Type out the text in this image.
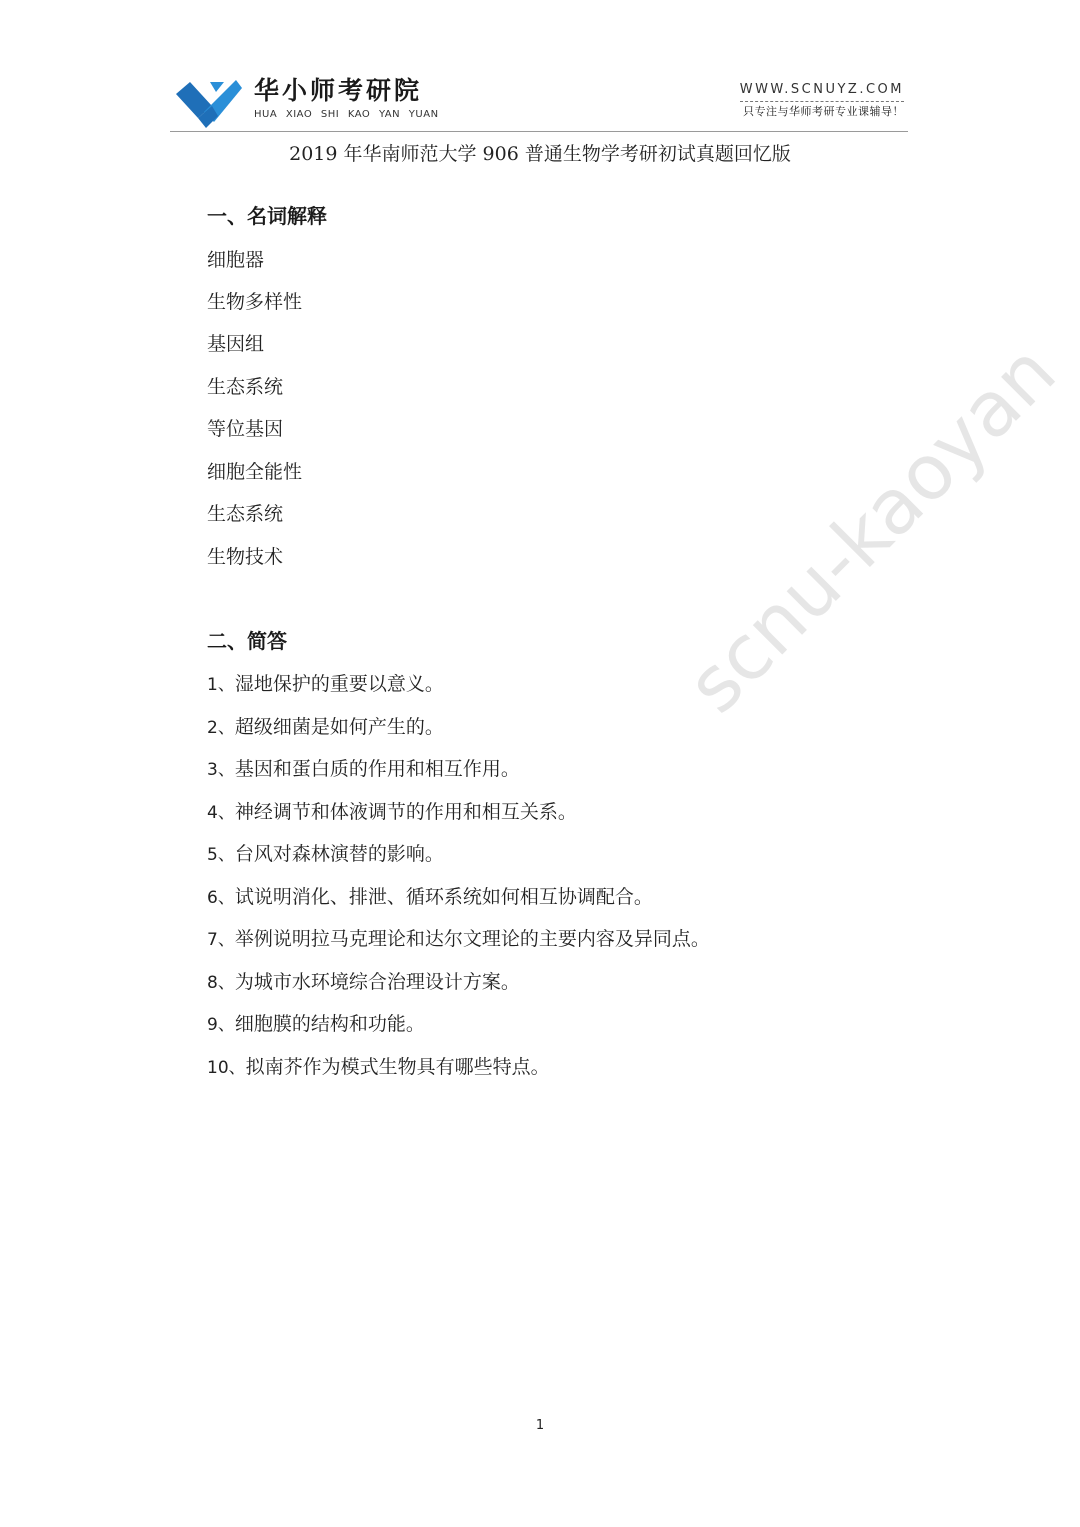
华小师考研院
HUA XIAO SHI KAO YAN YUAN
WWW.SCNUYZ.COM
只专注与华师考研专业课辅导！
2019 年华南师范大学 906 普通生物学考研初试真题回忆版
scnu-kaoyan
一、名词解释
细胞器
生物多样性
基因组
生态系统
等位基因
细胞全能性
生态系统
生物技术
二、简答
1、湿地保护的重要以意义。
2、超级细菌是如何产生的。
3、基因和蛋白质的作用和相互作用。
4、神经调节和体液调节的作用和相互关系。
5、台风对森林演替的影响。
6、试说明消化、排泄、循环系统如何相互协调配合。
7、举例说明拉马克理论和达尔文理论的主要内容及异同点。
8、为城市水环境综合治理设计方案。
9、细胞膜的结构和功能。
10、拟南芥作为模式生物具有哪些特点。
1
